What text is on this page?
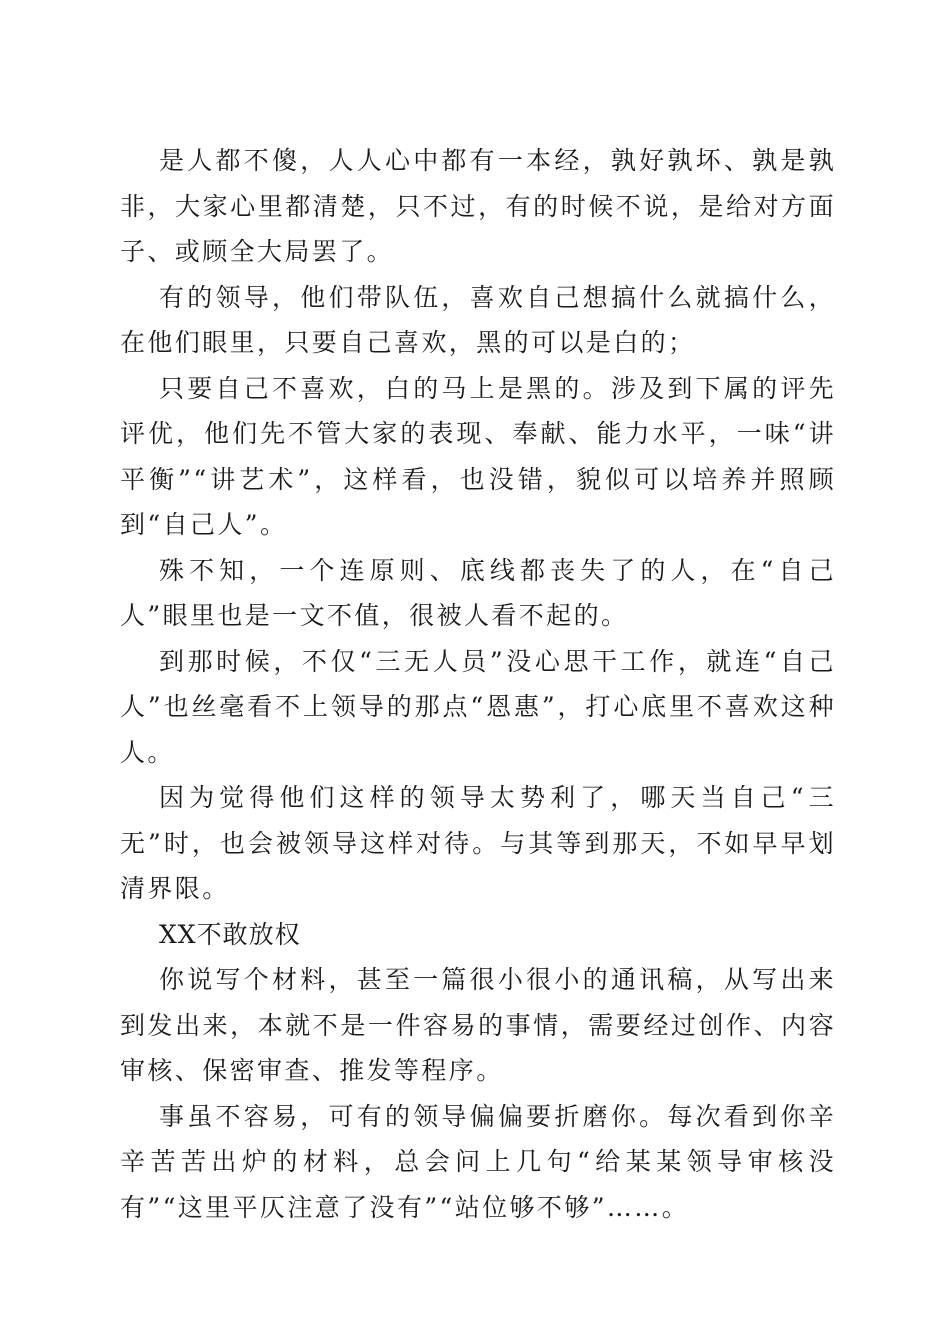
是人都不傻，人人心中都有一本经，孰好孰坏、孰是孰非，大家心里都清楚，只不过，有的时候不说，是给对方面子、或顾全大局罢了。

有的领导，他们带队伍，喜欢自己想搞什么就搞什么，在他们眼里，只要自己喜欢，黑的可以是白的；

只要自己不喜欢，白的马上是黑的。涉及到下属的评先评优，他们先不管大家的表现、奉献、能力水平，一味“讲平衡”“讲艺术”，这样看，也没错，貌似可以培养并照顾到“自己人”。

殊不知，一个连原则、底线都丧失了的人，在“自己人”眼里也是一文不值，很被人看不起的。

到那时候，不仅“三无人员”没心思干工作，就连“自己人”也丝毫看不上领导的那点“恩惠”，打心底里不喜欢这种人。

因为觉得他们这样的领导太势利了，哪天当自己“三无”时，也会被领导这样对待。与其等到那天，不如早早划清界限。

XX不敢放权

你说写个材料，甚至一篇很小很小的通讯稿，从写出来到发出来，本就不是一件容易的事情，需要经过创作、内容审核、保密审查、推发等程序。

事虽不容易，可有的领导偏偏要折磨你。每次看到你辛辛苦苦出炉的材料，总会问上几句“给某某领导审核没有”“这里平仄注意了没有”“站位够不够”……。
